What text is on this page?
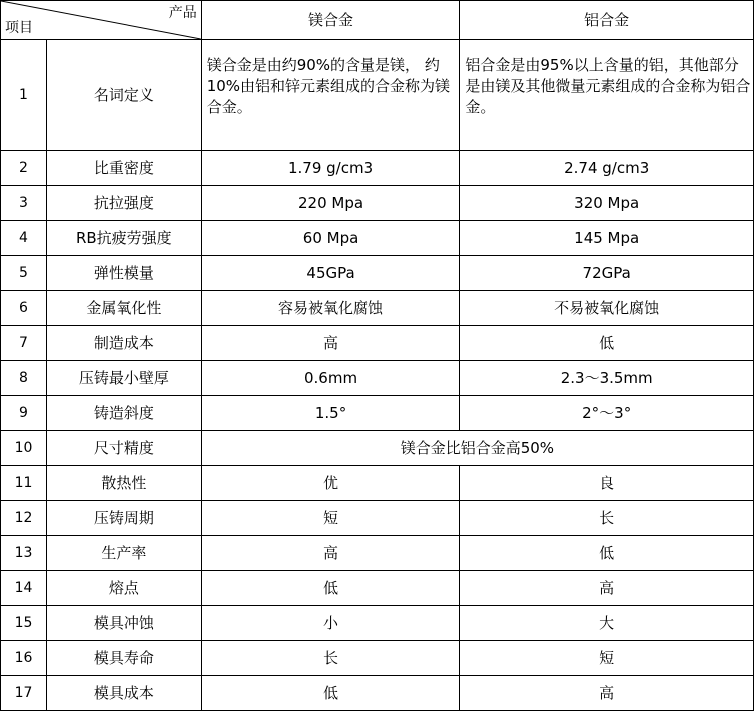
产品
项目		镁合金	铝合金
1	名词定义	镁合金是由约90%的含量是镁， 约10%由铝和锌元素组成的合金称为镁合金。	铝合金是由95%以上含量的铝，其他部分是由镁及其他微量元素组成的合金称为铝合金。
2	比重密度	1.79 g/cm3	2.74 g/cm3
3	抗拉强度	220 Mpa	320 Mpa
4	RB抗疲劳强度	60 Mpa	145 Mpa
5	弹性模量	45GPa	72GPa
6	金属氧化性	容易被氧化腐蚀	不易被氧化腐蚀
7	制造成本	高	低
8	压铸最小壁厚	0.6mm	2.3～3.5mm
9	铸造斜度	1.5°	2°～3°
10	尺寸精度	镁合金比铝合金高50%	
11	散热性	优	良
12	压铸周期	短	长
13	生产率	高	低
14	熔点	低	高
15	模具冲蚀	小	大
16	模具寿命	长	短
17	模具成本	低	高
